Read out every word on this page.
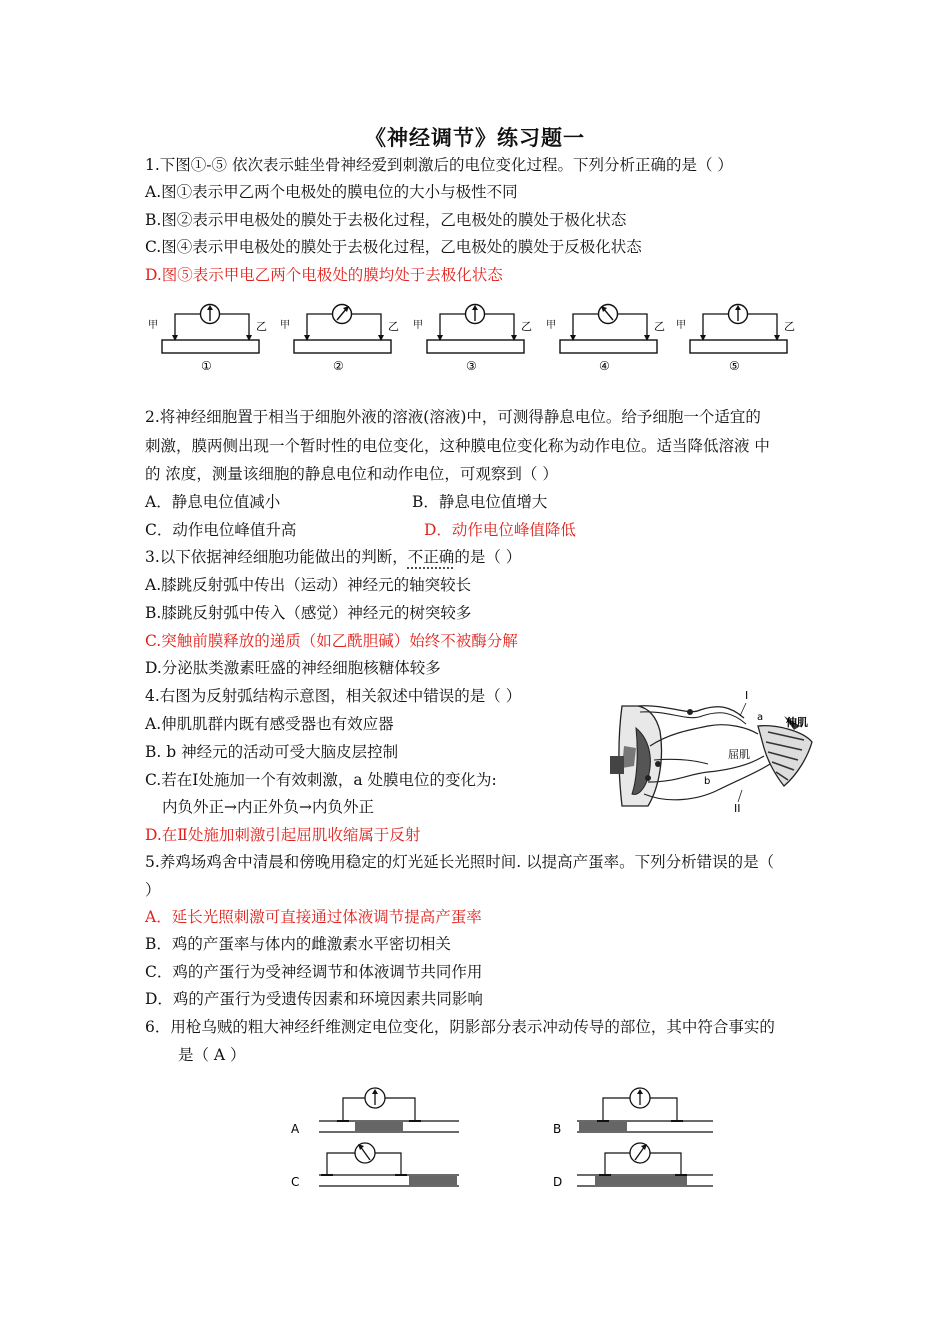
《神经调节》练习题一
1.下图①-⑤ 依次表示蛙坐骨神经爱到刺激后的电位变化过程。下列分析正确的是（ ）
A.图①表示甲乙两个电极处的膜电位的大小与极性不同
B.图②表示甲电极处的膜处于去极化过程，乙电极处的膜处于极化状态
C.图④表示甲电极处的膜处于去极化过程，乙电极处的膜处于反极化状态
D.图⑤表示甲电乙两个电极处的膜均处于去极化状态
甲	乙
①
甲	乙
②
甲	乙
③
甲	乙
④
甲	乙
⑤
2.将神经细胞置于相当于细胞外液的溶液(溶液)中，可测得静息电位。给予细胞一个适宜的
刺激，膜两侧出现一个暂时性的电位变化，这种膜电位变化称为动作电位。适当降低溶液 中
的 浓度，测量该细胞的静息电位和动作电位，可观察到（ ）
A．静息电位值减小	B．静息电位值增大
C．动作电位峰值升高	D．动作电位峰值降低
3.以下依据神经细胞功能做出的判断，不正确的是（ ）
A.膝跳反射弧中传出（运动）神经元的轴突较长
B.膝跳反射弧中传入（感觉）神经元的树突较多
C.突触前膜释放的递质（如乙酰胆碱）始终不被酶分解
D.分泌肽类激素旺盛的神经细胞核糖体较多
4.右图为反射弧结构示意图，相关叙述中错误的是（ ）
A.伸肌肌群内既有感受器也有效应器
B. b 神经元的活动可受大脑皮层控制
C.若在Ⅰ处施加一个有效刺激，a 处膜电位的变化为:
内负外正→内正外负→内负外正
D.在Ⅱ处施加刺激引起屈肌收缩属于反射
I
a 伸肌
屈肌
b
II
5.养鸡场鸡舍中清晨和傍晚用稳定的灯光延长光照时间. 以提高产蛋率。下列分析错误的是（
）
A．延长光照刺激可直接通过体液调节提高产蛋率
B．鸡的产蛋率与体内的雌激素水平密切相关
C．鸡的产蛋行为受神经调节和体液调节共同作用
D．鸡的产蛋行为受遗传因素和环境因素共同影响
6．用枪乌贼的粗大神经纤维测定电位变化，阴影部分表示冲动传导的部位，其中符合事实的
是（ A ）
A	B
C	D
